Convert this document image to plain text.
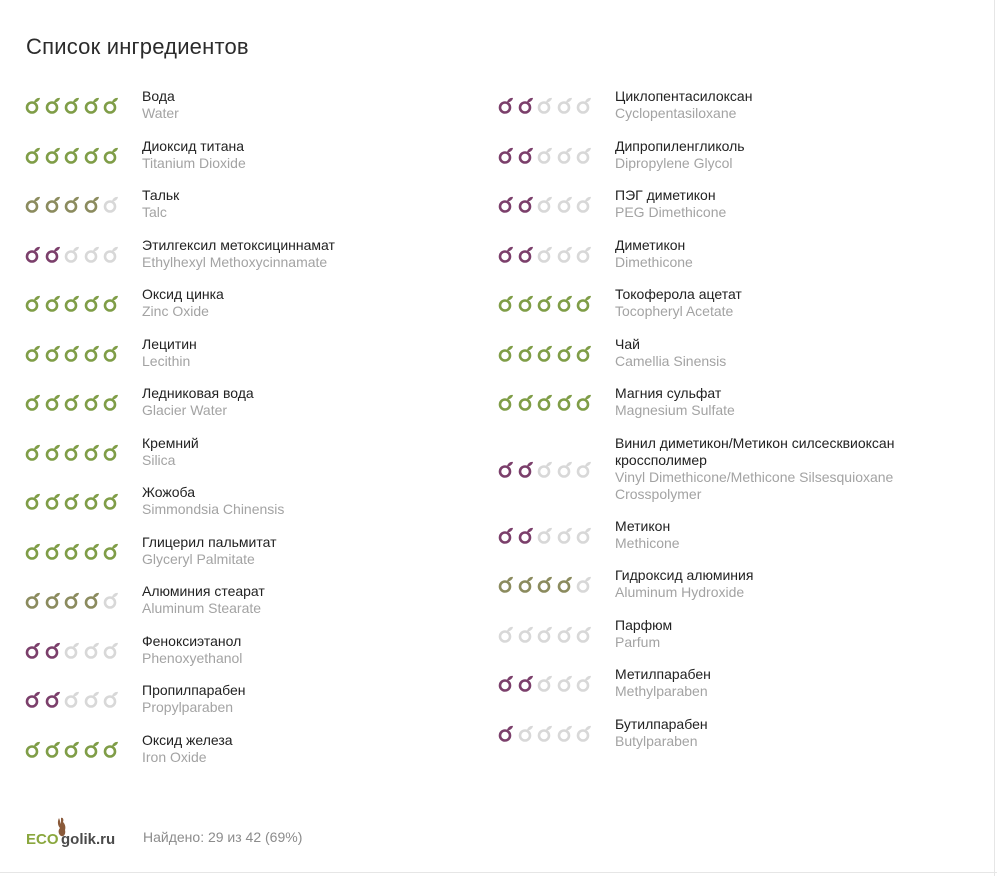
Список ингредиентов
Вода
Water
Диоксид титана
Titanium Dioxide
Тальк
Talc
Этилгексил метоксициннамат
Ethylhexyl Methoxycinnamate
Оксид цинка
Zinc Oxide
Лецитин
Lecithin
Ледниковая вода
Glacier Water
Кремний
Silica
Жожоба
Simmondsia Chinensis
Глицерил пальмитат
Glyceryl Palmitate
Алюминия стеарат
Aluminum Stearate
Феноксиэтанол
Phenoxyethanol
Пропилпарабен
Propylparaben
Оксид железа
Iron Oxide
Циклопентасилоксан
Cyclopentasiloxane
Дипропиленгликоль
Dipropylene Glycol
ПЭГ диметикон
PEG Dimethicone
Диметикон
Dimethicone
Токоферола ацетат
Tocopheryl Acetate
Чай
Camellia Sinensis
Магния сульфат
Magnesium Sulfate
Винил диметикон/Метикон силсесквиоксан кроссполимер
Vinyl Dimethicone/Methicone Silsesquioxane Crosspolymer
Метикон
Methicone
Гидроксид алюминия
Aluminum Hydroxide
Парфюм
Parfum
Метилпарабен
Methylparaben
Бутилпарабен
Butylparaben
ECO golik.ru Найдено: 29 из 42 (69%)
